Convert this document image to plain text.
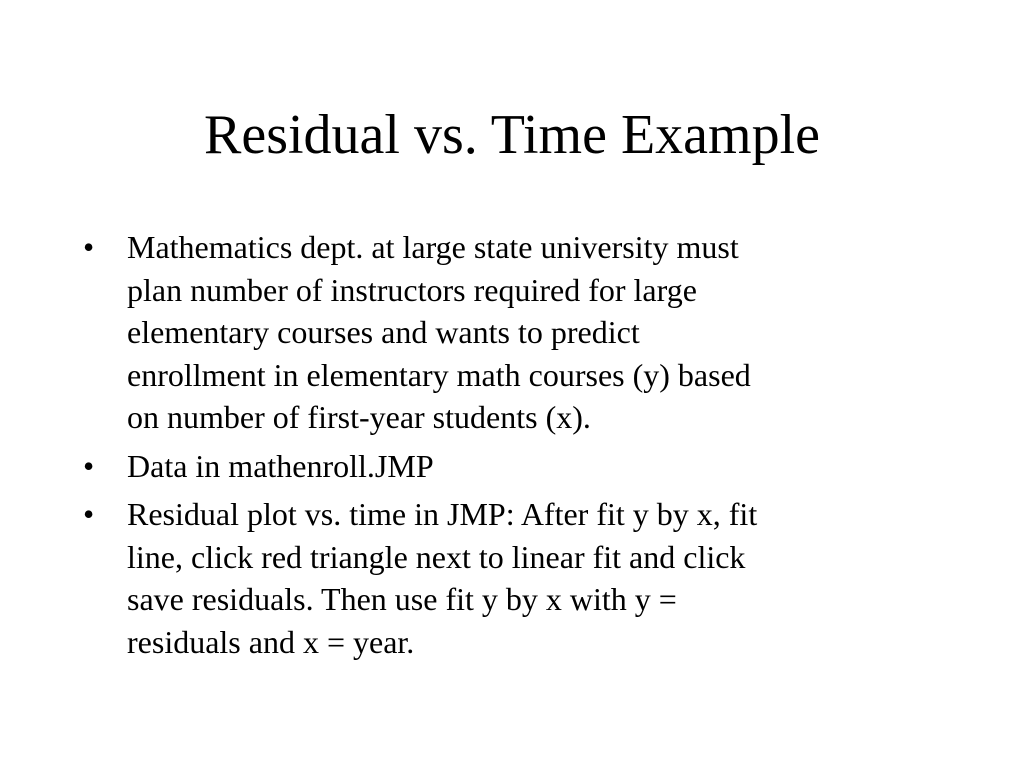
Residual vs. Time Example
•	Mathematics dept. at large state university must
plan number of instructors required for large
elementary courses and wants to predict
enrollment in elementary math courses (y) based
on number of first-year students (x).
•	Data in mathenroll.JMP
•	Residual plot vs. time in JMP: After fit y by x, fit
line, click red triangle next to linear fit and click
save residuals. Then use fit y by x with y =
residuals and x = year.
